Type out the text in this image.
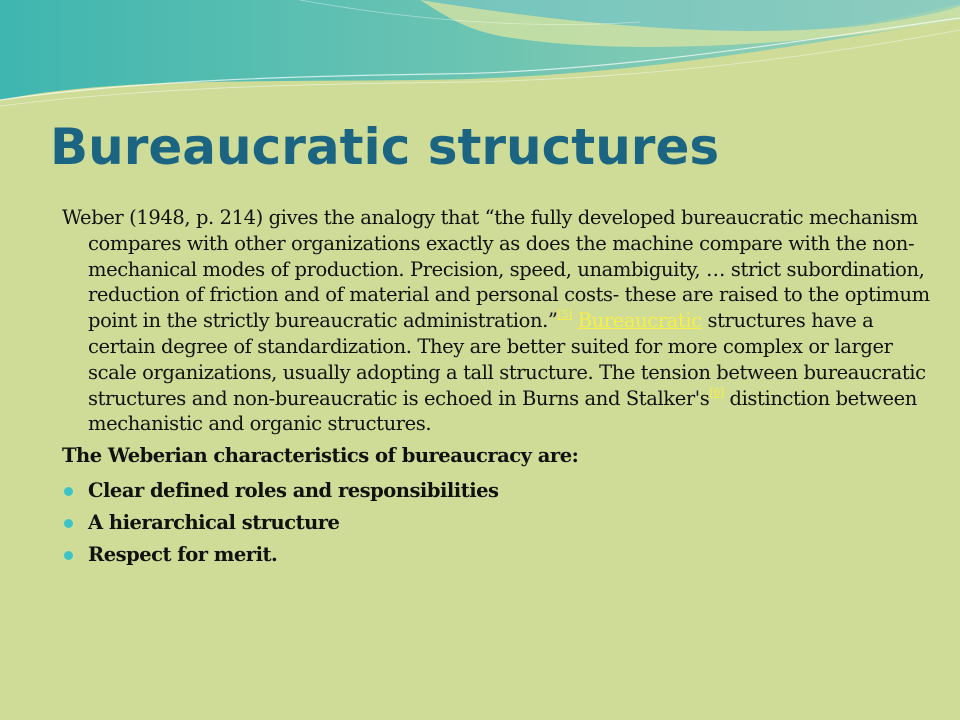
Bureaucratic structures

Weber (1948, p. 214) gives the analogy that “the fully developed bureaucratic mechanism compares with other organizations exactly as does the machine compare with the non-mechanical modes of production. Precision, speed, unambiguity, … strict subordination, reduction of friction and of material and personal costs- these are raised to the optimum point in the strictly bureaucratic administration.”[5] Bureaucratic structures have a certain degree of standardization. They are better suited for more complex or larger scale organizations, usually adopting a tall structure. The tension between bureaucratic structures and non-bureaucratic is echoed in Burns and Stalker's[6] distinction between mechanistic and organic structures.

The Weberian characteristics of bureaucracy are:

Clear defined roles and responsibilities
A hierarchical structure
Respect for merit.
